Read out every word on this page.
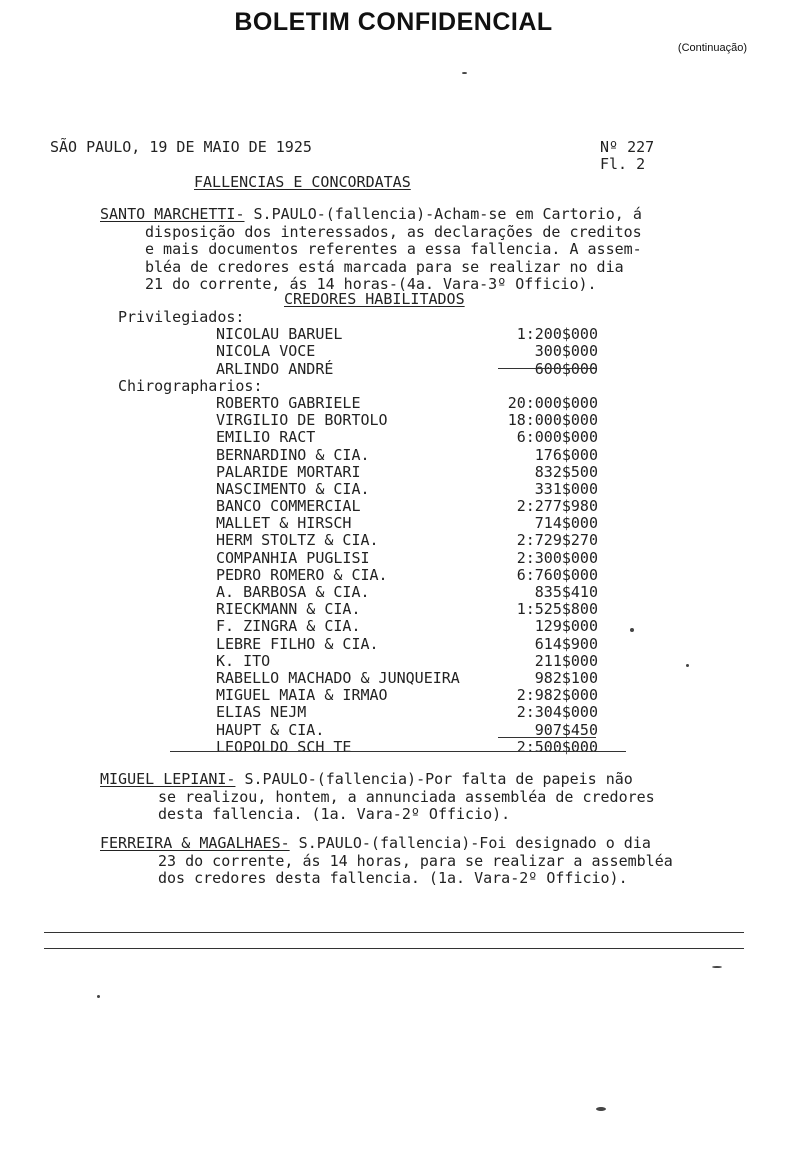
BOLETIM CONFIDENCIAL
(Continuação)
SÃO PAULO, 19 DE MAIO DE 1925	Nº 227
Fl. 2
FALLENCIAS E CONCORDATAS
SANTO MARCHETTI- S.PAULO-(fallencia)-Acham-se em Cartorio, á
disposição dos interessados, as declarações de creditos
e mais documentos referentes a essa fallencia. A assem-
bléa de credores está marcada para se realizar no dia
21 do corrente, ás 14 horas-(4a. Vara-3º Officio).
CREDORES HABILITADOS
Privilegiados:
NICOLAU BARUEL	1:200$000
NICOLA VOCE	300$000
ARLINDO ANDRÉ	600$000
Chirographarios:
ROBERTO GABRIELE	20:000$000
VIRGILIO DE BORTOLO	18:000$000
EMILIO RACT	6:000$000
BERNARDINO & CIA.	176$000
PALARIDE MORTARI	832$500
NASCIMENTO & CIA.	331$000
BANCO COMMERCIAL	2:277$980
MALLET & HIRSCH	714$000
HERM STOLTZ & CIA.	2:729$270
COMPANHIA PUGLISI	2:300$000
PEDRO ROMERO & CIA.	6:760$000
A. BARBOSA & CIA.	835$410
RIECKMANN & CIA.	1:525$800
F. ZINGRA & CIA.	129$000
LEBRE FILHO & CIA.	614$900
K. ITO	211$000
RABELLO MACHADO & JUNQUEIRA	982$100
MIGUEL MAIA & IRMAO	2:982$000
ELIAS NEJM	2:304$000
HAUPT & CIA.	907$450
LEOPOLDO SCH TE	2:500$000
MIGUEL LEPIANI- S.PAULO-(fallencia)-Por falta de papeis não
se realizou, hontem, a annunciada assembléa de credores
desta fallencia. (1a. Vara-2º Officio).
FERREIRA & MAGALHAES- S.PAULO-(fallencia)-Foi designado o dia
23 do corrente, ás 14 horas, para se realizar a assembléa
dos credores desta fallencia. (1a. Vara-2º Officio).
